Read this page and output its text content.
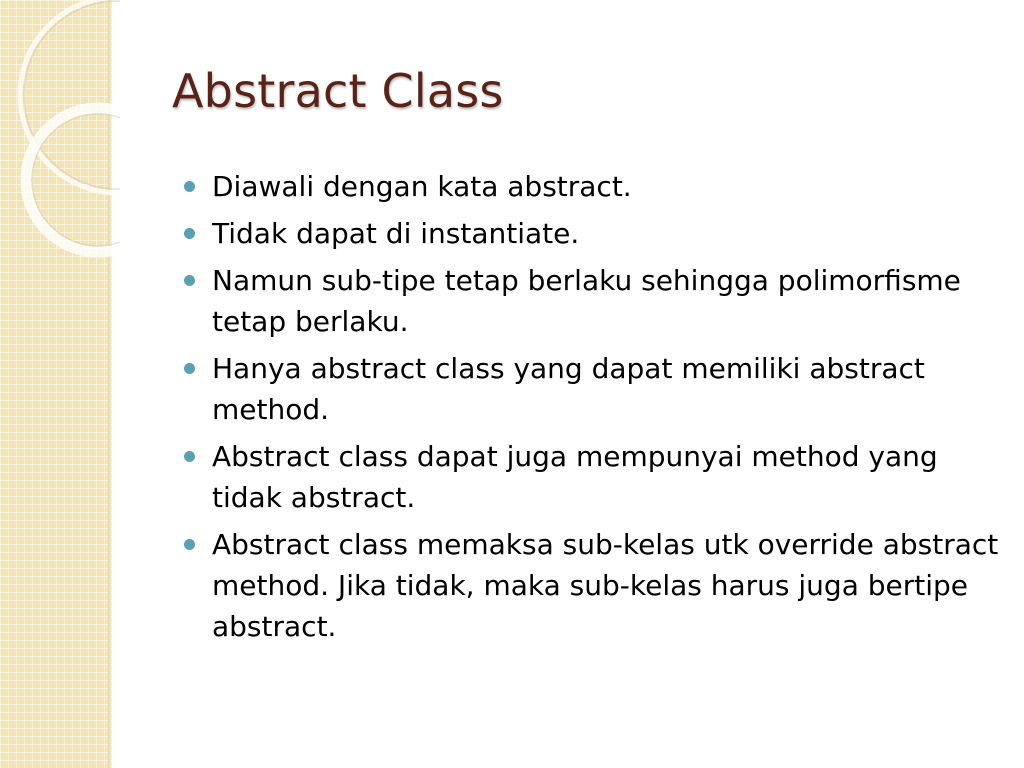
Abstract Class
Diawali dengan kata abstract.
Tidak dapat di instantiate.
Namun sub-tipe tetap berlaku sehingga polimorfisme tetap berlaku.
Hanya abstract class yang dapat memiliki abstract method.
Abstract class dapat juga mempunyai method yang tidak abstract.
Abstract class memaksa sub-kelas utk override abstract method. Jika tidak, maka sub-kelas harus juga bertipe abstract.
